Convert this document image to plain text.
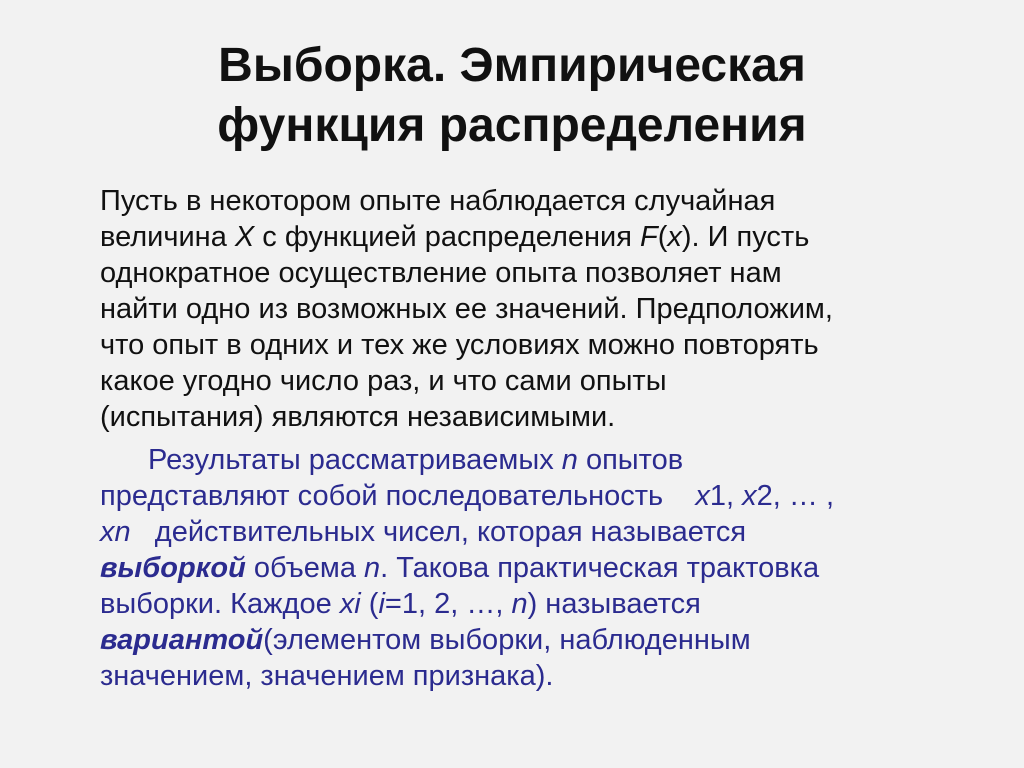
Выборка. Эмпирическая
функция распределения
Пусть в некотором опыте наблюдается случайная
величина X с функцией распределения F(x). И пусть
однократное осуществление опыта позволяет нам
найти одно из возможных ее значений. Предположим,
что опыт в одних и тех же условиях можно повторять
какое угодно число раз, и что сами опыты
(испытания) являются независимыми.
Результаты рассматриваемых n опытов
представляют собой последовательность    x1, x2, … ,
xn   действительных чисел, которая называется
выборкой объема n. Такова практическая трактовка
выборки. Каждое xi (i=1, 2, …, n) называется
вариантой(элементом выборки, наблюденным
значением, значением признака).
